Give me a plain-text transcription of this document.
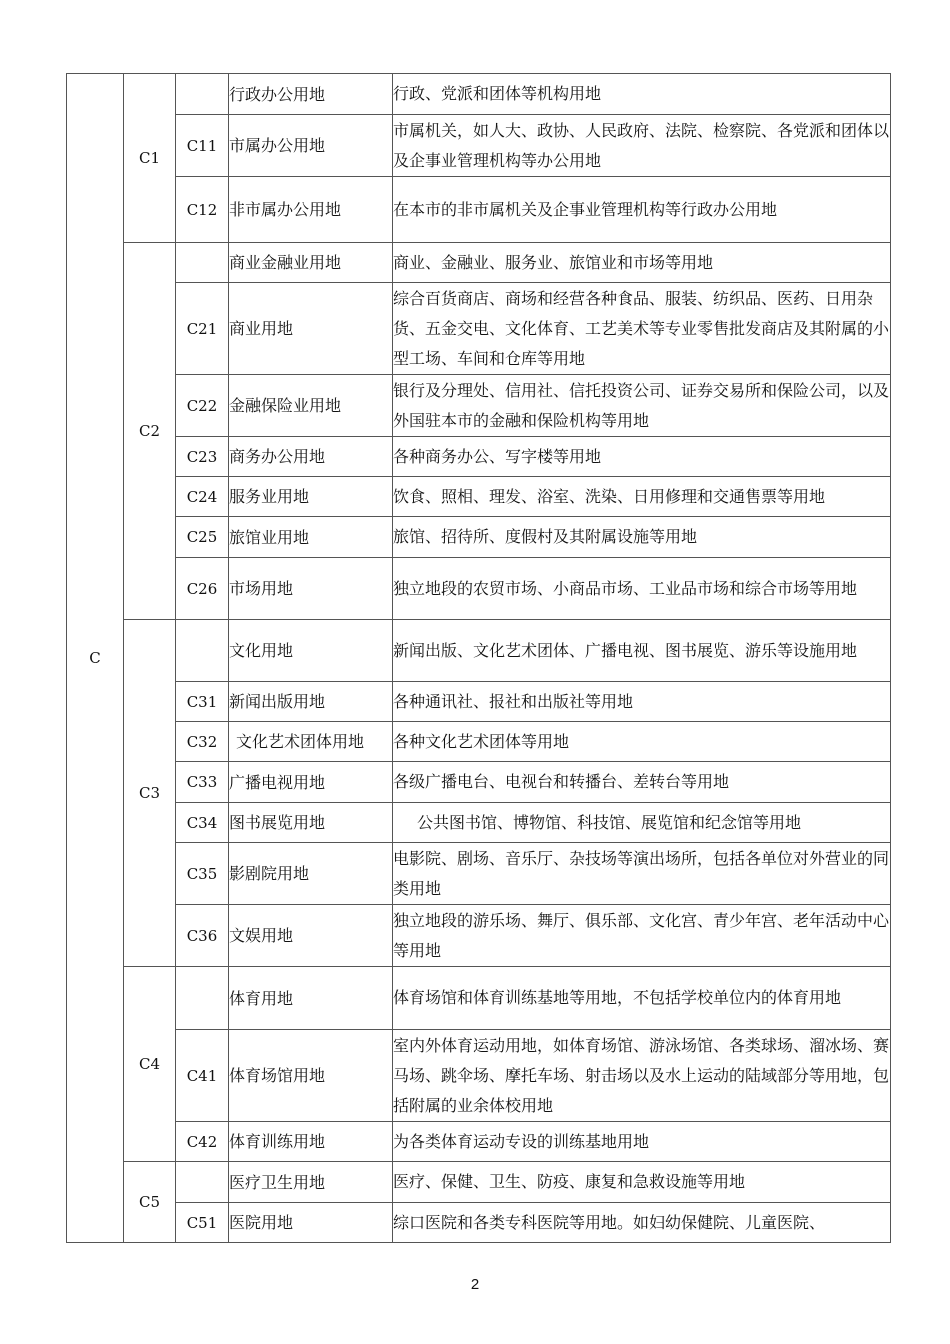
C	C1		行政办公用地	行政、党派和团体等机构用地
		C11	市属办公用地	市属机关，如人大、政协、人民政府、法院、检察院、各党派和团体以及企事业管理机构等办公用地
		C12	非市属办公用地	在本市的非市属机关及企事业管理机构等行政办公用地
	C2		商业金融业用地	商业、金融业、服务业、旅馆业和市场等用地
		C21	商业用地	综合百货商店、商场和经营各种食品、服装、纺织品、医药、日用杂货、五金交电、文化体育、工艺美术等专业零售批发商店及其附属的小型工场、车间和仓库等用地
		C22	金融保险业用地	银行及分理处、信用社、信托投资公司、证券交易所和保险公司，以及外国驻本市的金融和保险机构等用地
		C23	商务办公用地	各种商务办公、写字楼等用地
		C24	服务业用地	饮食、照相、理发、浴室、洗染、日用修理和交通售票等用地
		C25	旅馆业用地	旅馆、招待所、度假村及其附属设施等用地
		C26	市场用地	独立地段的农贸市场、小商品市场、工业品市场和综合市场等用地
	C3		文化用地	新闻出版、文化艺术团体、广播电视、图书展览、游乐等设施用地
		C31	新闻出版用地	各种通讯社、报社和出版社等用地
		C32	文化艺术团体用地	各种文化艺术团体等用地
		C33	广播电视用地	各级广播电台、电视台和转播台、差转台等用地
		C34	图书展览用地	公共图书馆、博物馆、科技馆、展览馆和纪念馆等用地
		C35	影剧院用地	电影院、剧场、音乐厅、杂技场等演出场所，包括各单位对外营业的同类用地
		C36	文娱用地	独立地段的游乐场、舞厅、俱乐部、文化宫、青少年宫、老年活动中心等用地
	C4		体育用地	体育场馆和体育训练基地等用地，不包括学校单位内的体育用地
		C41	体育场馆用地	室内外体育运动用地，如体育场馆、游泳场馆、各类球场、溜冰场、赛马场、跳伞场、摩托车场、射击场以及水上运动的陆域部分等用地，包括附属的业余体校用地
		C42	体育训练用地	为各类体育运动专设的训练基地用地
	C5		医疗卫生用地	医疗、保健、卫生、防疫、康复和急救设施等用地
		C51	医院用地	综口医院和各类专科医院等用地。如妇幼保健院、儿童医院、
2
